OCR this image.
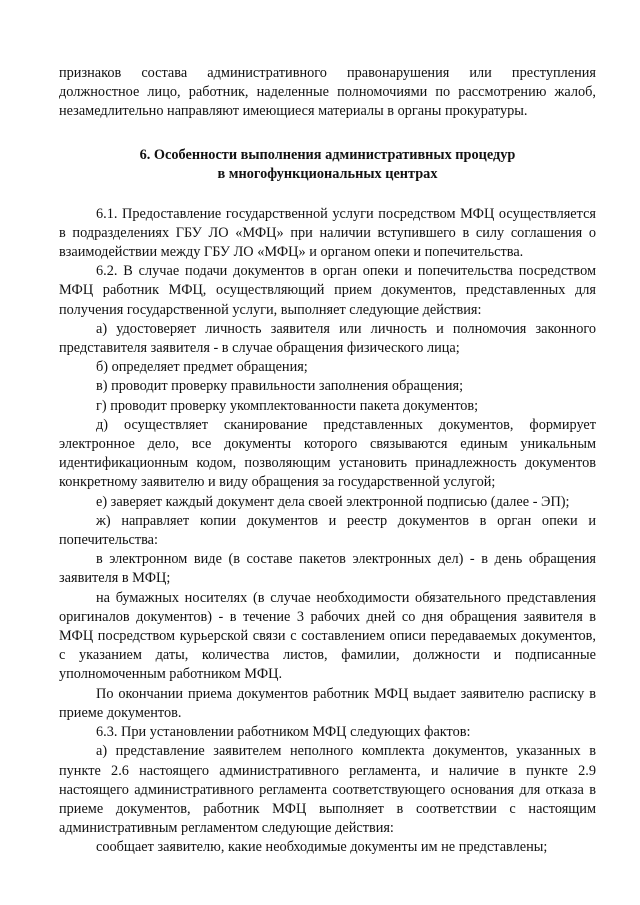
признаков состава административного правонарушения или преступления должностное лицо, работник, наделенные полномочиями по рассмотрению жалоб, незамедлительно направляют имеющиеся материалы в органы прокуратуры.

6. Особенности выполнения административных процедур
в многофункциональных центрах

6.1. Предоставление государственной услуги посредством МФЦ осуществляется в подразделениях ГБУ ЛО «МФЦ» при наличии вступившего в силу соглашения о взаимодействии между ГБУ ЛО «МФЦ» и органом опеки и попечительства.

6.2. В случае подачи документов в орган опеки и попечительства посредством МФЦ работник МФЦ, осуществляющий прием документов, представленных для получения государственной услуги, выполняет следующие действия:

а) удостоверяет личность заявителя или личность и полномочия законного представителя заявителя - в случае обращения физического лица;

б) определяет предмет обращения;

в) проводит проверку правильности заполнения обращения;

г) проводит проверку укомплектованности пакета документов;

д) осуществляет сканирование представленных документов, формирует электронное дело, все документы которого связываются единым уникальным идентификационным кодом, позволяющим установить принадлежность документов конкретному заявителю и виду обращения за государственной услугой;

е) заверяет каждый документ дела своей электронной подписью (далее - ЭП);

ж) направляет копии документов и реестр документов в орган опеки и попечительства:

в электронном виде (в составе пакетов электронных дел) - в день обращения заявителя в МФЦ;

на бумажных носителях (в случае необходимости обязательного представления оригиналов документов) - в течение 3 рабочих дней со дня обращения заявителя в МФЦ посредством курьерской связи с составлением описи передаваемых документов, с указанием даты, количества листов, фамилии, должности и подписанные уполномоченным работником МФЦ.

По окончании приема документов работник МФЦ выдает заявителю расписку в приеме документов.

6.3. При установлении работником МФЦ следующих фактов:

а) представление заявителем неполного комплекта документов, указанных в пункте 2.6 настоящего административного регламента, и наличие в пункте 2.9 настоящего административного регламента соответствующего основания для отказа в приеме документов, работник МФЦ выполняет в соответствии с настоящим административным регламентом следующие действия:

сообщает заявителю, какие необходимые документы им не представлены;
